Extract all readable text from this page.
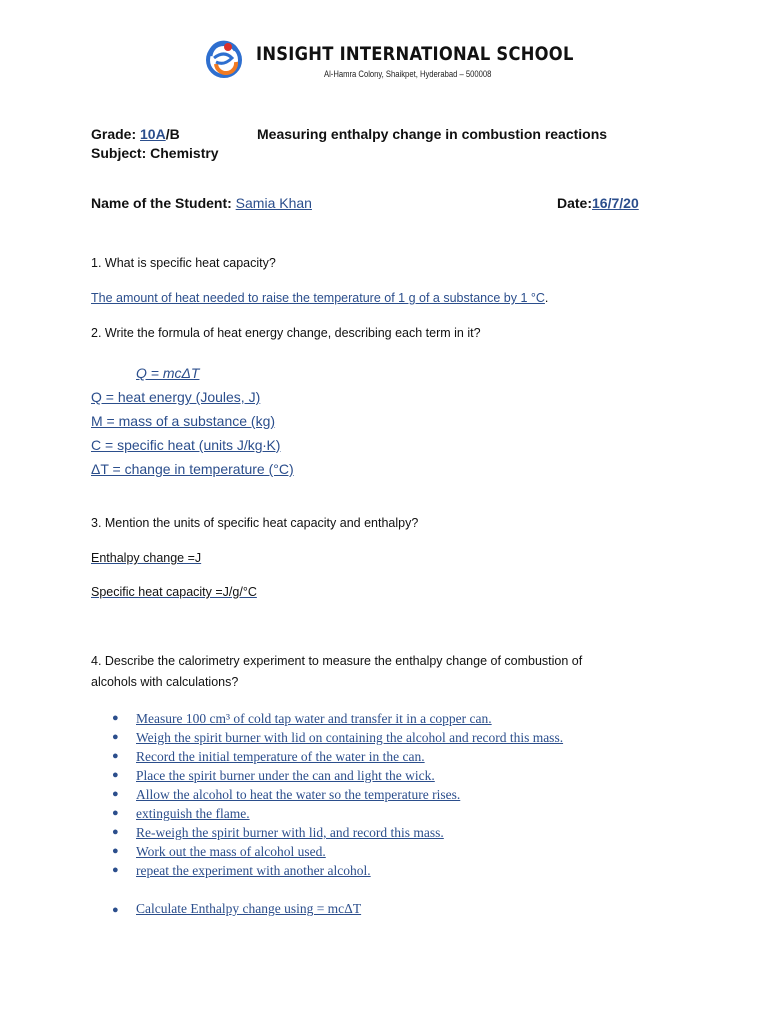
INSIGHT INTERNATIONAL SCHOOL
Al-Hamra Colony, Shaikpet, Hyderabad – 500008
Grade: 10A/B	Measuring enthalpy change in combustion reactions
Subject: Chemistry
Name of the Student: Samia Khan	Date:16/7/20
1. What is specific heat capacity?
The amount of heat needed to raise the temperature of 1 g of a substance by 1 °C.
2. Write the formula of heat energy change, describing each term in it?
Q = mcΔT
Q = heat energy (Joules, J)
M = mass of a substance (kg)
C = specific heat (units J/kg∙K)
ΔT = change in temperature (°C)
3. Mention the units of specific heat capacity and enthalpy?
Enthalpy change =J
Specific heat capacity =J/g/°C
4. Describe the calorimetry experiment to measure the enthalpy change of combustion of
alcohols with calculations?
● Measure 100 cm³ of cold tap water and transfer it in a copper can.
● Weigh the spirit burner with lid on containing the alcohol and record this mass.
● Record the initial temperature of the water in the can.
● Place the spirit burner under the can and light the wick.
● Allow the alcohol to heat the water so the temperature rises.
● extinguish the flame.
● Re-weigh the spirit burner with lid, and record this mass.
● Work out the mass of alcohol used.
● repeat the experiment with another alcohol.
● Calculate Enthalpy change using = mcΔT
